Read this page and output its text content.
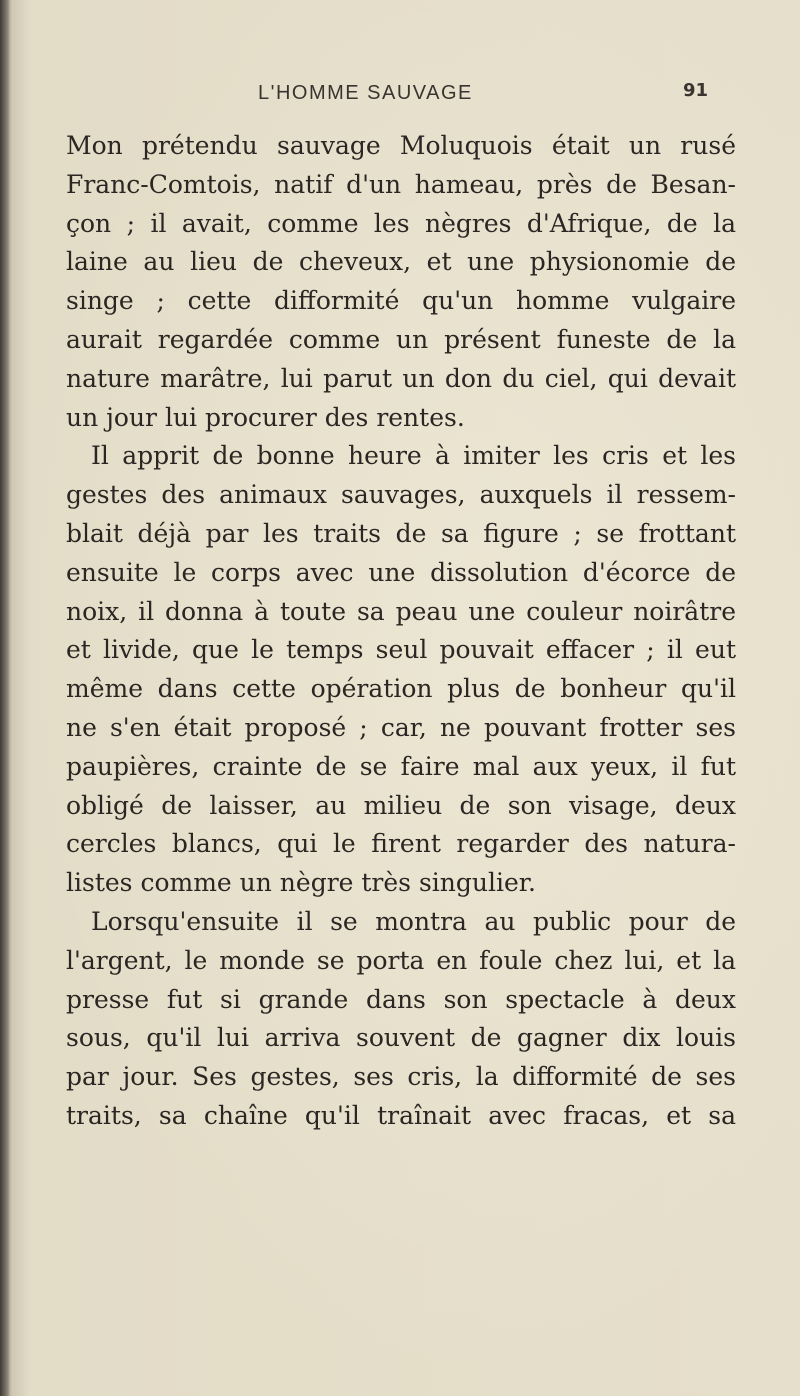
L'HOMME SAUVAGE	91
Mon prétendu sauvage Moluquois était un rusé
Franc-Comtois, natif d'un hameau, près de Besan-
çon ; il avait, comme les nègres d'Afrique, de la
laine au lieu de cheveux, et une physionomie de
singe ; cette difformité qu'un homme vulgaire
aurait regardée comme un présent funeste de la
nature marâtre, lui parut un don du ciel, qui devait
un jour lui procurer des rentes.
Il apprit de bonne heure à imiter les cris et les
gestes des animaux sauvages, auxquels il ressem-
blait déjà par les traits de sa figure ; se frottant
ensuite le corps avec une dissolution d'écorce de
noix, il donna à toute sa peau une couleur noirâtre
et livide, que le temps seul pouvait effacer ; il eut
même dans cette opération plus de bonheur qu'il
ne s'en était proposé ; car, ne pouvant frotter ses
paupières, crainte de se faire mal aux yeux, il fut
obligé de laisser, au milieu de son visage, deux
cercles blancs, qui le firent regarder des natura-
listes comme un nègre très singulier.
Lorsqu'ensuite il se montra au public pour de
l'argent, le monde se porta en foule chez lui, et la
presse fut si grande dans son spectacle à deux
sous, qu'il lui arriva souvent de gagner dix louis
par jour. Ses gestes, ses cris, la difformité de ses
traits, sa chaîne qu'il traînait avec fracas, et sa
